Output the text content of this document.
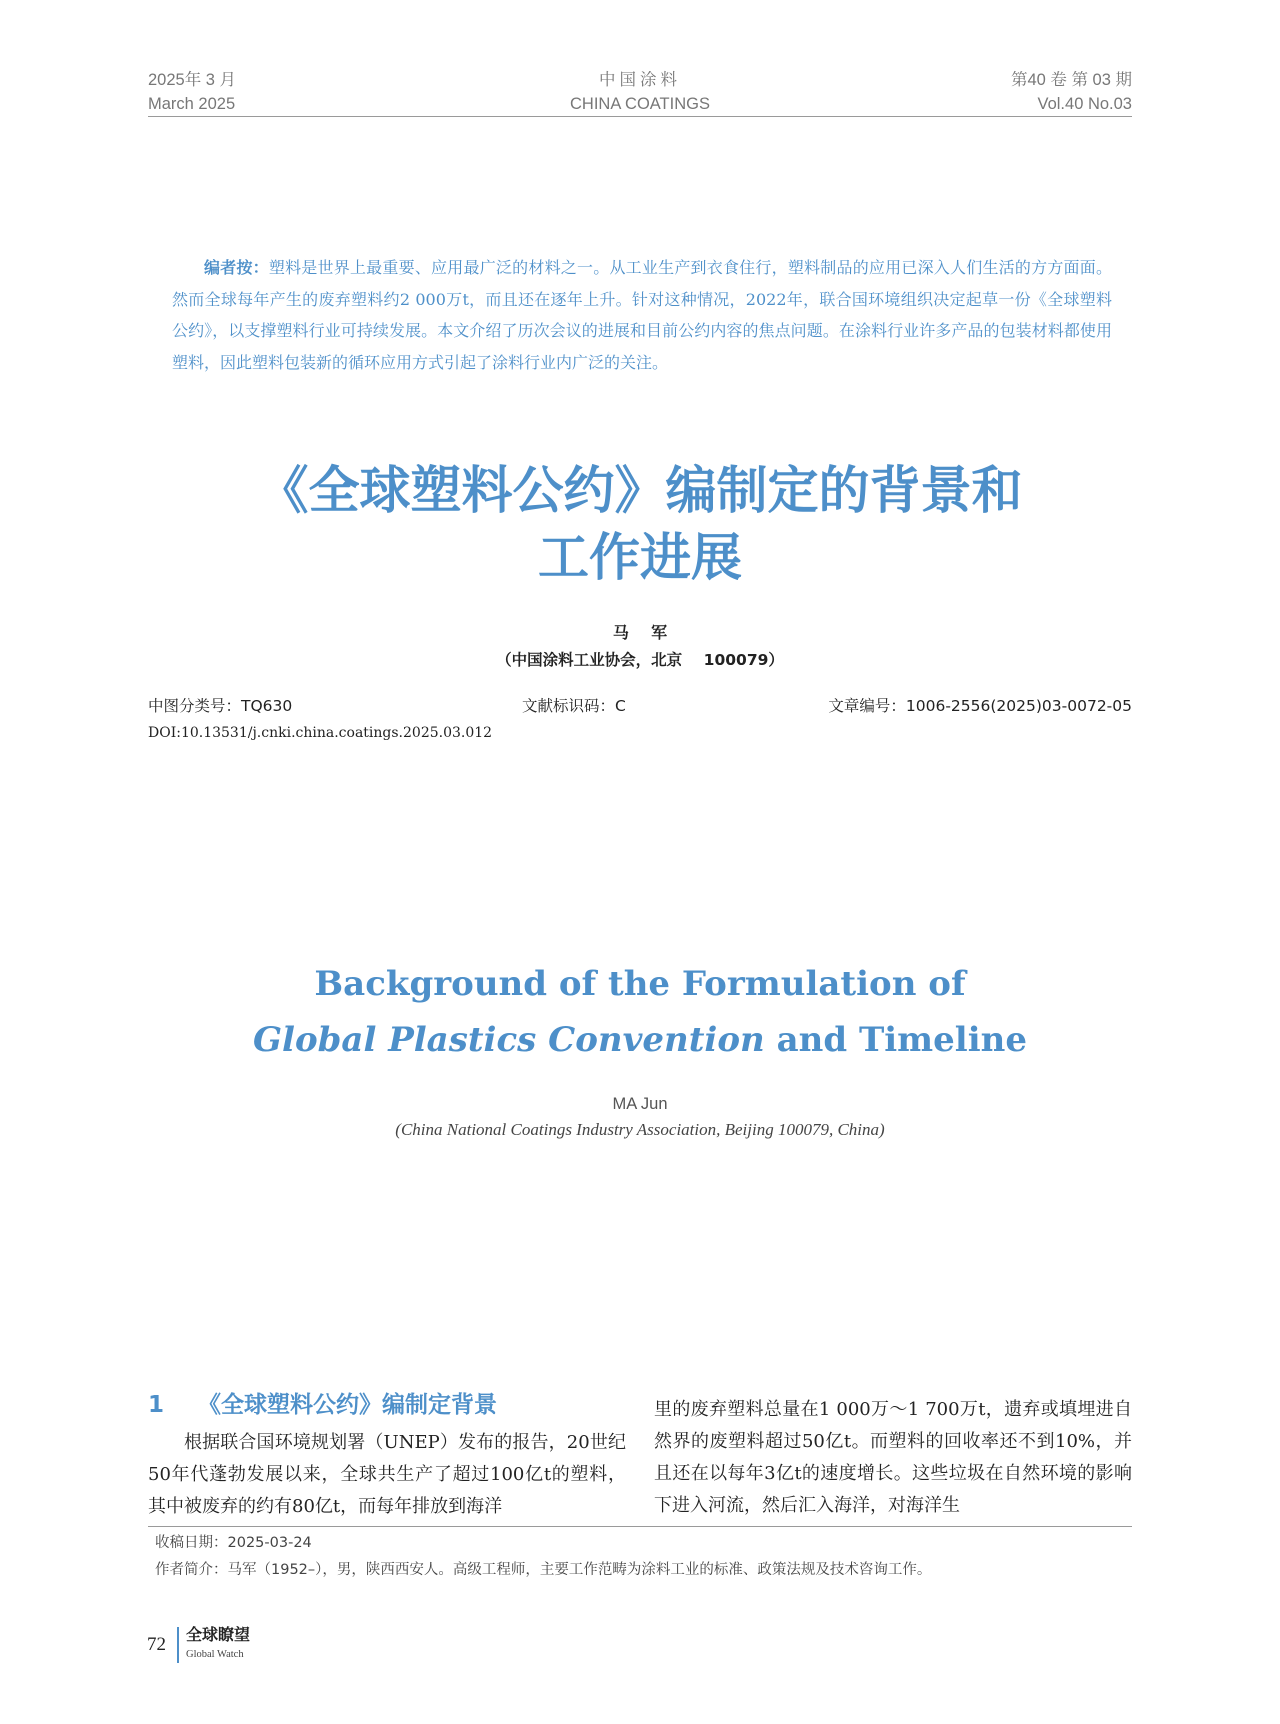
2025年 3 月
March 2025
中国涂料
CHINA COATINGS
第40 卷 第 03 期
Vol.40 No.03
编者按：塑料是世界上最重要、应用最广泛的材料之一。从工业生产到衣食住行，塑料制品的应用已深入人们生活的方方面面。然而全球每年产生的废弃塑料约2 000万t，而且还在逐年上升。针对这种情况，2022年，联合国环境组织决定起草一份《全球塑料公约》，以支撑塑料行业可持续发展。本文介绍了历次会议的进展和目前公约内容的焦点问题。在涂料行业许多产品的包装材料都使用塑料，因此塑料包装新的循环应用方式引起了涂料行业内广泛的关注。
《全球塑料公约》编制定的背景和
工作进展
马    军
（中国涂料工业协会，北京    100079）
中图分类号：TQ630	文献标识码：C	文章编号：1006-2556(2025)03-0072-05
DOI:10.13531/j.cnki.china.coatings.2025.03.012
Background of the Formulation of
Global Plastics Convention and Timeline
MA Jun
(China National Coatings Industry Association, Beijing 100079, China)
1 《全球塑料公约》编制定背景
根据联合国环境规划署（UNEP）发布的报告，20世纪50年代蓬勃发展以来，全球共生产了超过100亿t的塑料，其中被废弃的约有80亿t，而每年排放到海洋
里的废弃塑料总量在1 000万～1 700万t，遗弃或填埋进自然界的废塑料超过50亿t。而塑料的回收率还不到10%，并且还在以每年3亿t的速度增长。这些垃圾在自然环境的影响下进入河流，然后汇入海洋，对海洋生
收稿日期：2025-03-24
作者简介：马军（1952–），男，陕西西安人。高级工程师，主要工作范畴为涂料工业的标准、政策法规及技术咨询工作。
72 全球瞭望
Global Watch
